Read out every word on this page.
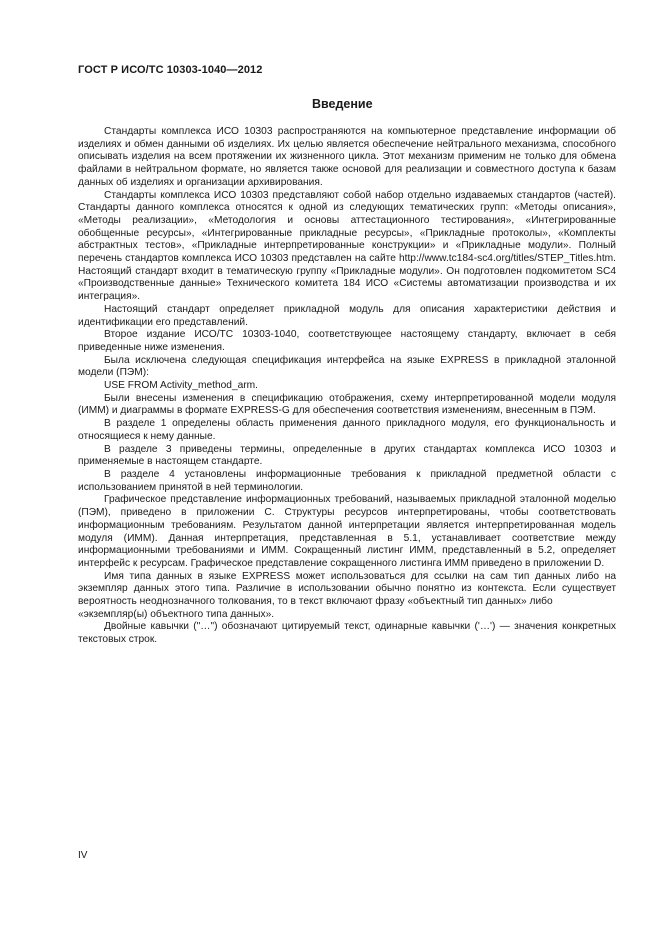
ГОСТ Р ИСО/ТС 10303-1040—2012
Введение

Стандарты комплекса ИСО 10303 распространяются на компьютерное представление информации об изделиях и обмен данными об изделиях. Их целью является обеспечение нейтрального механизма, способного описывать изделия на всем протяжении их жизненного цикла. Этот механизм применим не только для обмена файлами в нейтральном формате, но является также основой для реализации и совместного доступа к базам данных об изделиях и организации архивирования.

Стандарты комплекса ИСО 10303 представляют собой набор отдельно издаваемых стандартов (частей). Стандарты данного комплекса относятся к одной из следующих тематических групп: «Методы описания», «Методы реализации», «Методология и основы аттестационного тестирования», «Интегрированные обобщенные ресурсы», «Интегрированные прикладные ресурсы», «Прикладные протоколы», «Комплекты абстрактных тестов», «Прикладные интерпретированные конструкции» и «Прикладные модули». Полный перечень стандартов комплекса ИСО 10303 представлен на сайте http://www.tc184-sc4.org/titles/STEP_Titles.htm. Настоящий стандарт входит в тематическую группу «Прикладные модули». Он подготовлен подкомитетом SC4 «Производственные данные» Технического комитета 184 ИСО «Системы автоматизации производства и их интеграция».

Настоящий стандарт определяет прикладной модуль для описания характеристики действия и идентификации его представлений.

Второе издание ИСО/ТС 10303-1040, соответствующее настоящему стандарту, включает в себя приведенные ниже изменения.

Была исключена следующая спецификация интерфейса на языке EXPRESS в прикладной эталонной модели (ПЭМ):

USE FROM Activity_method_arm.

Были внесены изменения в спецификацию отображения, схему интерпретированной модели модуля (ИММ) и диаграммы в формате EXPRESS-G для обеспечения соответствия изменениям, внесенным в ПЭМ.

В разделе 1 определены область применения данного прикладного модуля, его функциональность и относящиеся к нему данные.

В разделе 3 приведены термины, определенные в других стандартах комплекса ИСО 10303 и применяемые в настоящем стандарте.

В разделе 4 установлены информационные требования к прикладной предметной области с использованием принятой в ней терминологии.

Графическое представление информационных требований, называемых прикладной эталонной моделью (ПЭМ), приведено в приложении С. Структуры ресурсов интерпретированы, чтобы соответствовать информационным требованиям. Результатом данной интерпретации является интерпретированная модель модуля (ИММ). Данная интерпретация, представленная в 5.1, устанавливает соответствие между информационными требованиями и ИММ. Сокращенный листинг ИММ, представленный в 5.2, определяет интерфейс к ресурсам. Графическое представление сокращенного листинга ИММ приведено в приложении D.

Имя типа данных в языке EXPRESS может использоваться для ссылки на сам тип данных либо на экземпляр данных этого типа. Различие в использовании обычно понятно из контекста. Если существует вероятность неоднозначного толкования, то в текст включают фразу «объектный тип данных» либо

«экземпляр(ы) объектного типа данных».

Двойные кавычки ("…") обозначают цитируемый текст, одинарные кавычки ('…') — значения конкретных текстовых строк.

IV
